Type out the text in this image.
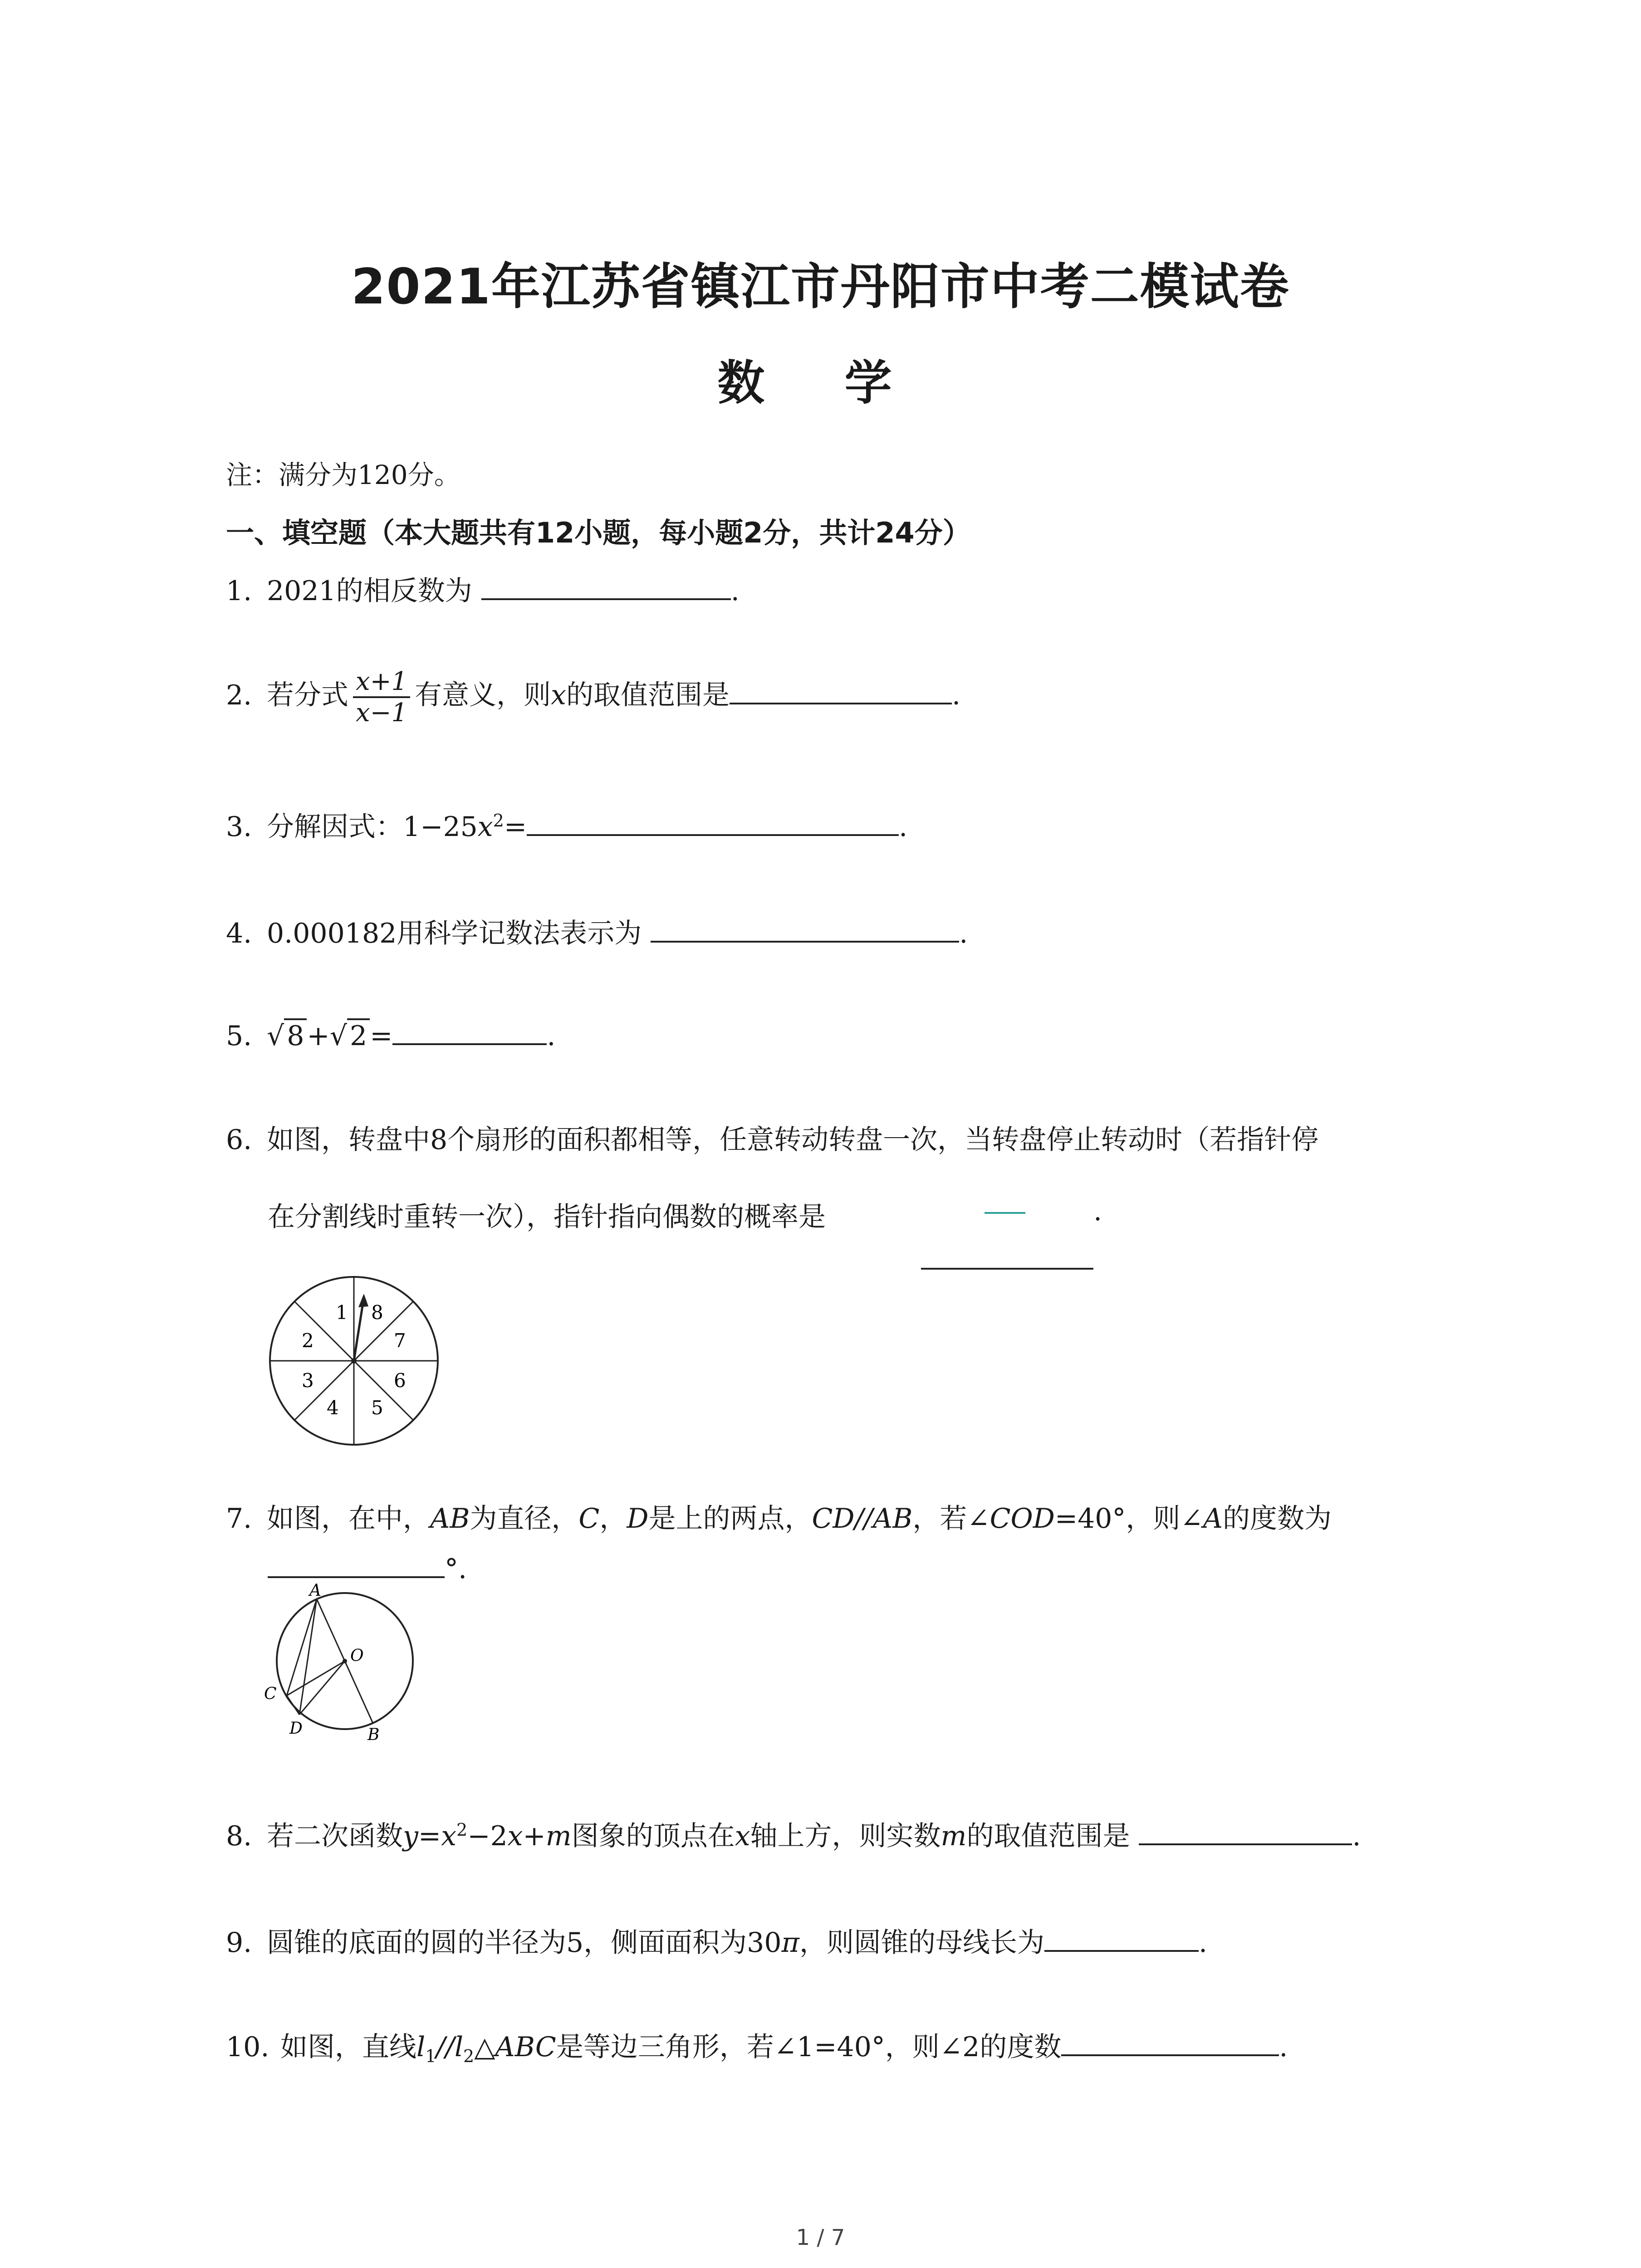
2021年江苏省镇江市丹阳市中考二模试卷
数 学
注：满分为120分。
一、填空题（本大题共有12小题，每小题2分，共计24分）
1. 2021的相反数为	.
2. 若分式 $\frac{x+1}{x-1}$ 有意义，则x的取值范围是	.
3. 分解因式：$1-25x^2=$	.
4. 0.000182用科学记数法表示为	.
5. √ 8 +√ 2 =	.
6. 如图，转盘中8个扇形的面积都相等，任意转动转盘一次，当转盘停止转动时（若指针停
在分割线时重转一次），指针指向偶数的概率是	.
1 8
7
6
5
4
3
2
7. 如图，在中，AB为直径，C，D是上的两点，CD//AB，若∠COD=40°，则∠A的度数为
°.
A
O
C
D	B
8. 若二次函数$y=x^2-2x+m$图象的顶点在x轴上方，则实数m的取值范围是	.
9. 圆锥的底面的圆的半径为5，侧面面积为30π，则圆锥的母线长为	.
10. 如图，直线$l_1//l_2\triangle ABC$是等边三角形，若∠1=40°，则∠2的度数	.
1 / 7
